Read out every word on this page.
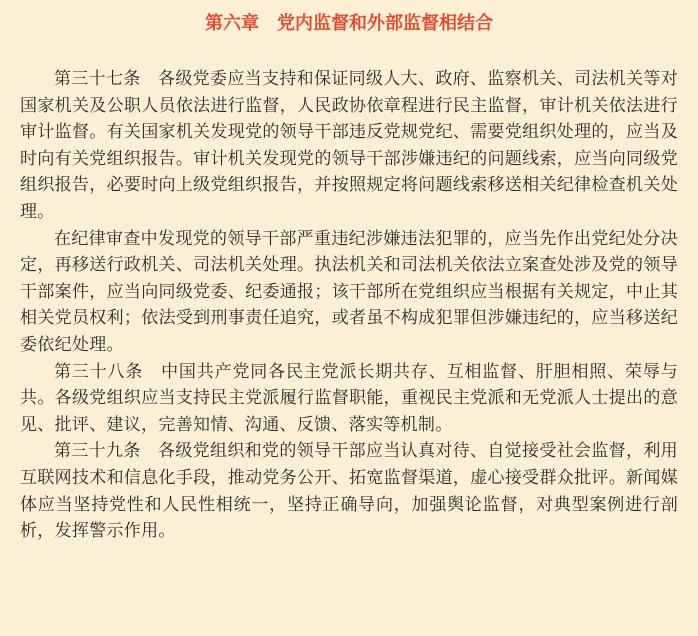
第六章　党内监督和外部监督相结合

第三十七条　各级党委应当支持和保证同级人大、政府、监察机关、司法机关等对国家机关及公职人员依法进行监督，人民政协依章程进行民主监督，审计机关依法进行审计监督。有关国家机关发现党的领导干部违反党规党纪、需要党组织处理的，应当及时向有关党组织报告。审计机关发现党的领导干部涉嫌违纪的问题线索，应当向同级党组织报告，必要时向上级党组织报告，并按照规定将问题线索移送相关纪律检查机关处理。

在纪律审查中发现党的领导干部严重违纪涉嫌违法犯罪的，应当先作出党纪处分决定，再移送行政机关、司法机关处理。执法机关和司法机关依法立案查处涉及党的领导干部案件，应当向同级党委、纪委通报；该干部所在党组织应当根据有关规定，中止其相关党员权利；依法受到刑事责任追究，或者虽不构成犯罪但涉嫌违纪的，应当移送纪委依纪处理。

第三十八条　中国共产党同各民主党派长期共存、互相监督、肝胆相照、荣辱与共。各级党组织应当支持民主党派履行监督职能，重视民主党派和无党派人士提出的意见、批评、建议，完善知情、沟通、反馈、落实等机制。

第三十九条　各级党组织和党的领导干部应当认真对待、自觉接受社会监督，利用互联网技术和信息化手段，推动党务公开、拓宽监督渠道，虚心接受群众批评。新闻媒体应当坚持党性和人民性相统一，坚持正确导向，加强舆论监督，对典型案例进行剖析，发挥警示作用。
